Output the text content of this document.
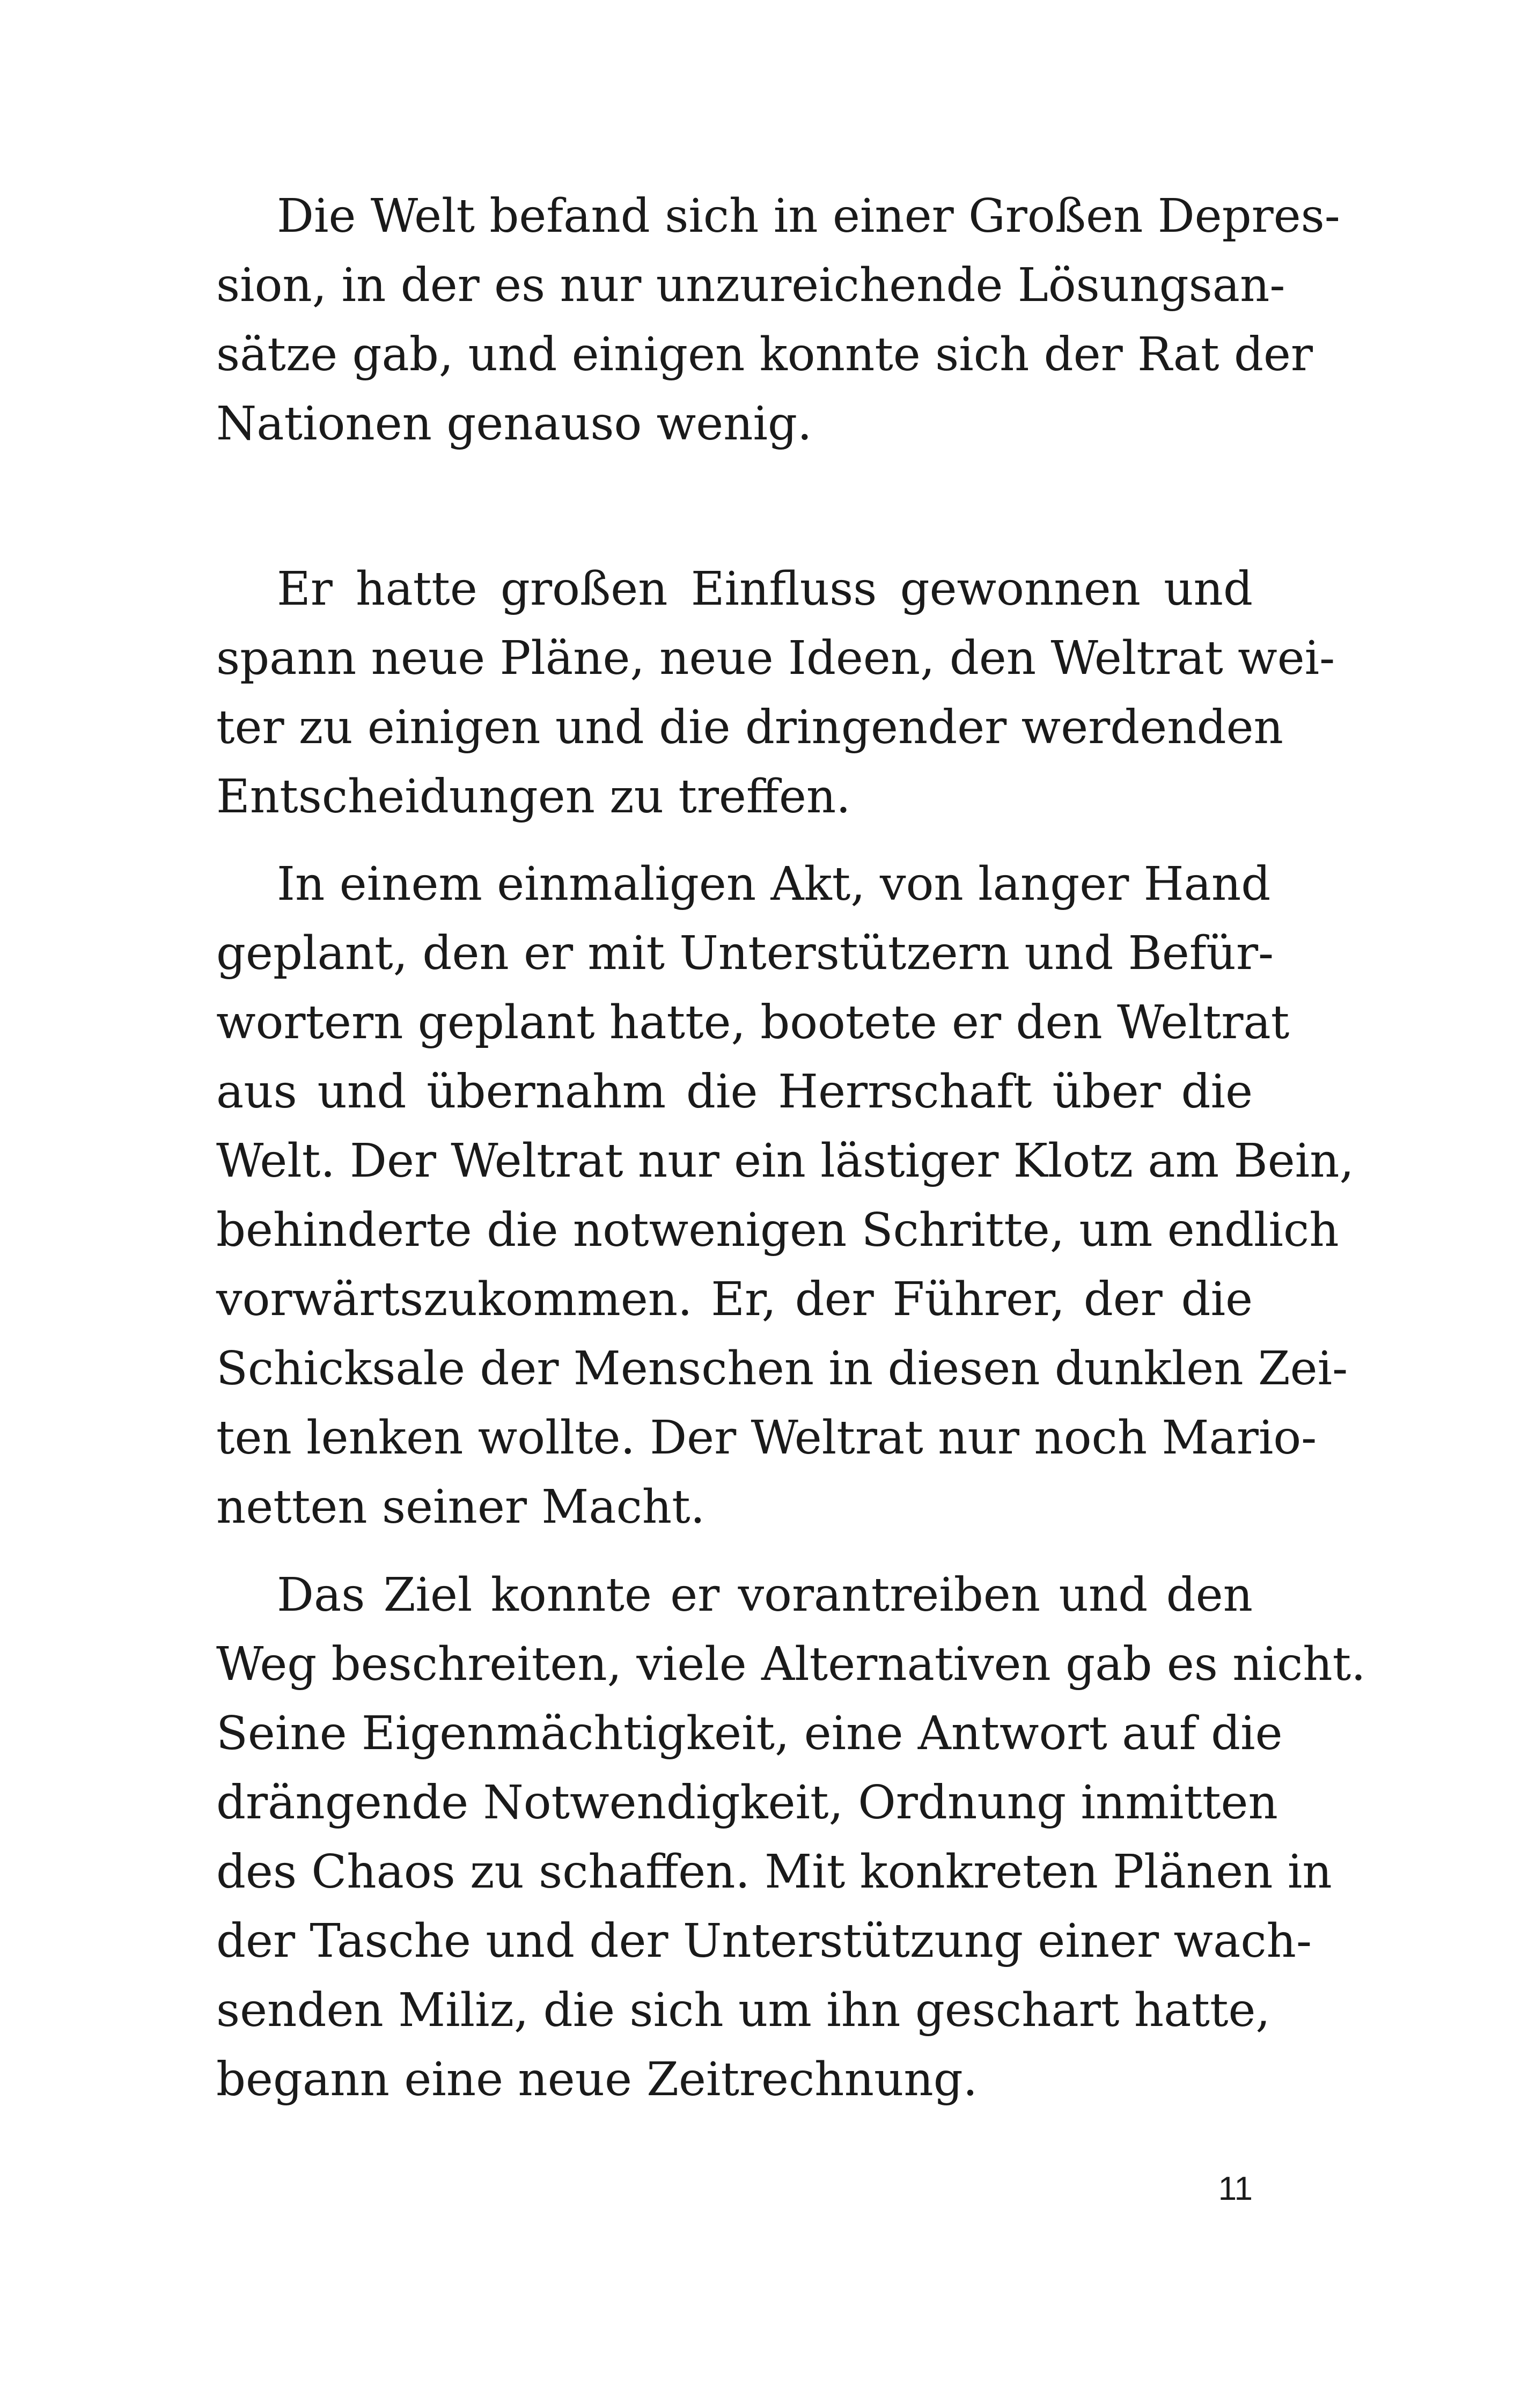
Die Welt befand sich in einer Großen Depres-
sion, in der es nur unzureichende Lösungsan-
sätze gab, und einigen konnte sich der Rat der
Nationen genauso wenig.
Er hatte großen Einfluss gewonnen und
spann neue Pläne, neue Ideen, den Weltrat wei-
ter zu einigen und die dringender werdenden
Entscheidungen zu treffen.
In einem einmaligen Akt, von langer Hand
geplant, den er mit Unterstützern und Befür-
wortern geplant hatte, bootete er den Weltrat
aus und übernahm die Herrschaft über die
Welt. Der Weltrat nur ein lästiger Klotz am Bein,
behinderte die notwenigen Schritte, um endlich
vorwärtszukommen. Er, der Führer, der die
Schicksale der Menschen in diesen dunklen Zei-
ten lenken wollte. Der Weltrat nur noch Mario-
netten seiner Macht.
Das Ziel konnte er vorantreiben und den
Weg beschreiten, viele Alternativen gab es nicht.
Seine Eigenmächtigkeit, eine Antwort auf die
drängende Notwendigkeit, Ordnung inmitten
des Chaos zu schaffen. Mit konkreten Plänen in
der Tasche und der Unterstützung einer wach-
senden Miliz, die sich um ihn geschart hatte,
begann eine neue Zeitrechnung.
11
